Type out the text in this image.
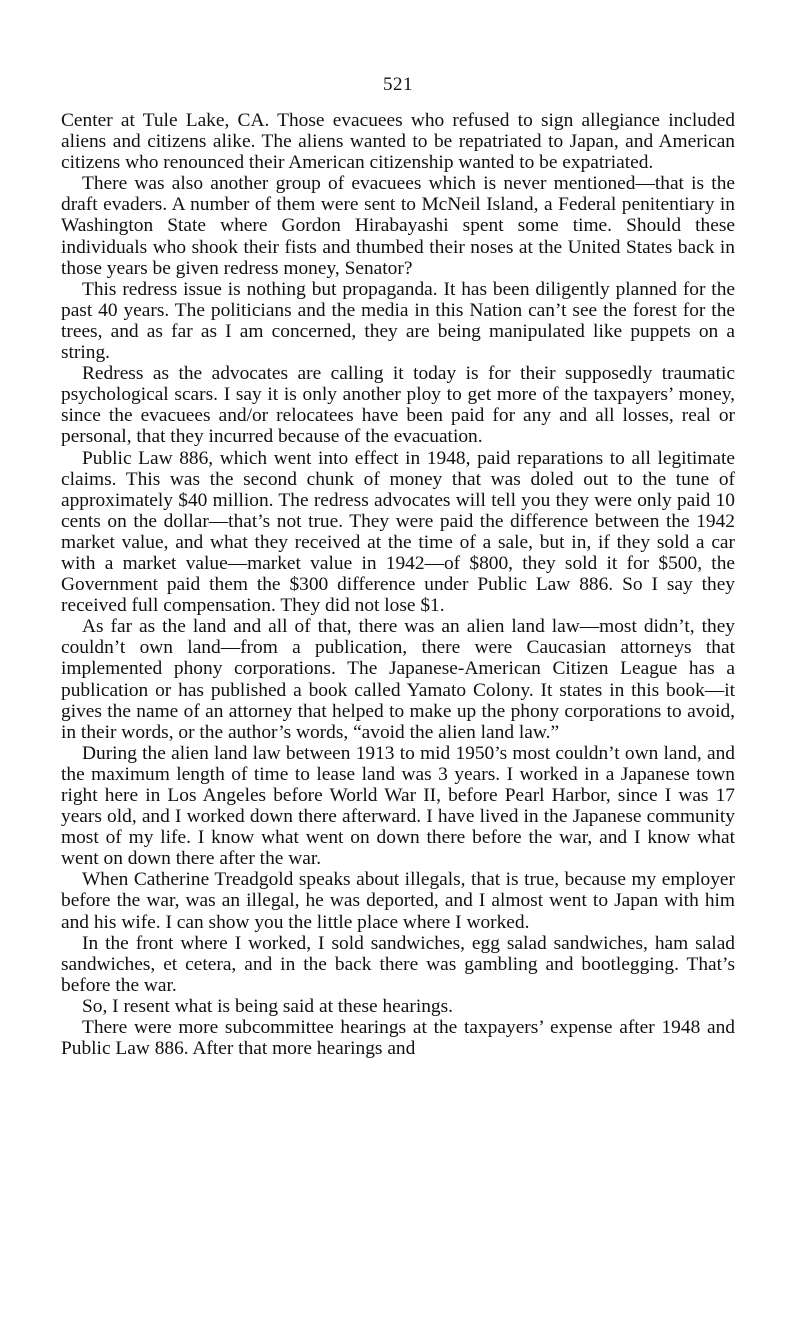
521

Center at Tule Lake, CA. Those evacuees who refused to sign allegiance included aliens and citizens alike. The aliens wanted to be repatriated to Japan, and American citizens who renounced their American citizenship wanted to be expatriated.

There was also another group of evacuees which is never mentioned—that is the draft evaders. A number of them were sent to McNeil Island, a Federal penitentiary in Washington State where Gordon Hirabayashi spent some time. Should these individuals who shook their fists and thumbed their noses at the United States back in those years be given redress money, Senator?

This redress issue is nothing but propaganda. It has been diligently planned for the past 40 years. The politicians and the media in this Nation can’t see the forest for the trees, and as far as I am concerned, they are being manipulated like puppets on a string.

Redress as the advocates are calling it today is for their supposedly traumatic psychological scars. I say it is only another ploy to get more of the taxpayers’ money, since the evacuees and/or relocatees have been paid for any and all losses, real or personal, that they incurred because of the evacuation.

Public Law 886, which went into effect in 1948, paid reparations to all legitimate claims. This was the second chunk of money that was doled out to the tune of approximately $40 million. The redress advocates will tell you they were only paid 10 cents on the dollar—that’s not true. They were paid the difference between the 1942 market value, and what they received at the time of a sale, but in, if they sold a car with a market value—market value in 1942—of $800, they sold it for $500, the Government paid them the $300 difference under Public Law 886. So I say they received full compensation. They did not lose $1.

As far as the land and all of that, there was an alien land law—most didn’t, they couldn’t own land—from a publication, there were Caucasian attorneys that implemented phony corporations. The Japanese-American Citizen League has a publication or has published a book called Yamato Colony. It states in this book—it gives the name of an attorney that helped to make up the phony corporations to avoid, in their words, or the author’s words, “avoid the alien land law.”

During the alien land law between 1913 to mid 1950’s most couldn’t own land, and the maximum length of time to lease land was 3 years. I worked in a Japanese town right here in Los Angeles before World War II, before Pearl Harbor, since I was 17 years old, and I worked down there afterward. I have lived in the Japanese community most of my life. I know what went on down there before the war, and I know what went on down there after the war.

When Catherine Treadgold speaks about illegals, that is true, because my employer before the war, was an illegal, he was deported, and I almost went to Japan with him and his wife. I can show you the little place where I worked.

In the front where I worked, I sold sandwiches, egg salad sandwiches, ham salad sandwiches, et cetera, and in the back there was gambling and bootlegging. That’s before the war.

So, I resent what is being said at these hearings.

There were more subcommittee hearings at the taxpayers’ expense after 1948 and Public Law 886. After that more hearings and
